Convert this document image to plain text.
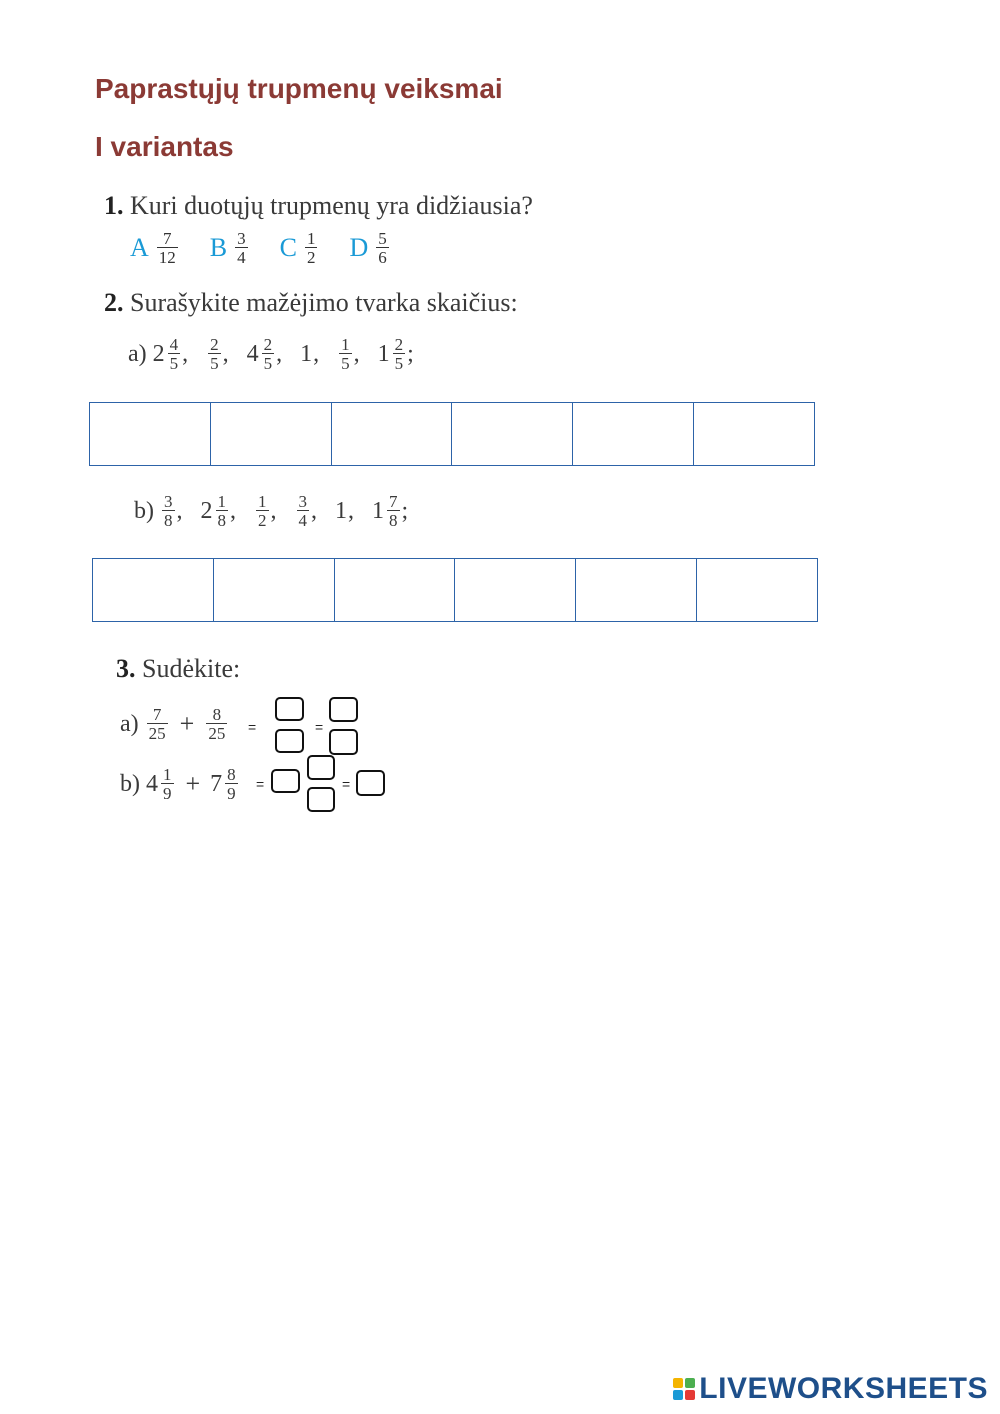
Paprastųjų trupmenų veiksmai
I variantas
1. Kuri duotųjų trupmenų yra didžiausia?
A $\frac{7}{12}$ B $\frac{3}{4}$ C $\frac{1}{2}$ D $\frac{5}{6}$
2. Surašykite mažėjimo tvarka skaičius:
a) $2 \frac{4}{5}$ , $\frac{2}{5}$ , $4 \frac{2}{5}$ , 1 , $\frac{1}{5}$ , $1 \frac{2}{5}$ ;
$b) \frac{3}{8}$ , $2 \frac{1}{8}$ , $\frac{1}{2}$ , $\frac{3}{4}$ , 1 , $1 \frac{7}{8}$ ;
3. Sudėkite:
$a) \frac{7}{25} + \frac{8}{25}$ =	=
b) $4 \frac{1}{9} + 7 \frac{8}{9}$ =	=
LIVEWORKSHEETS
